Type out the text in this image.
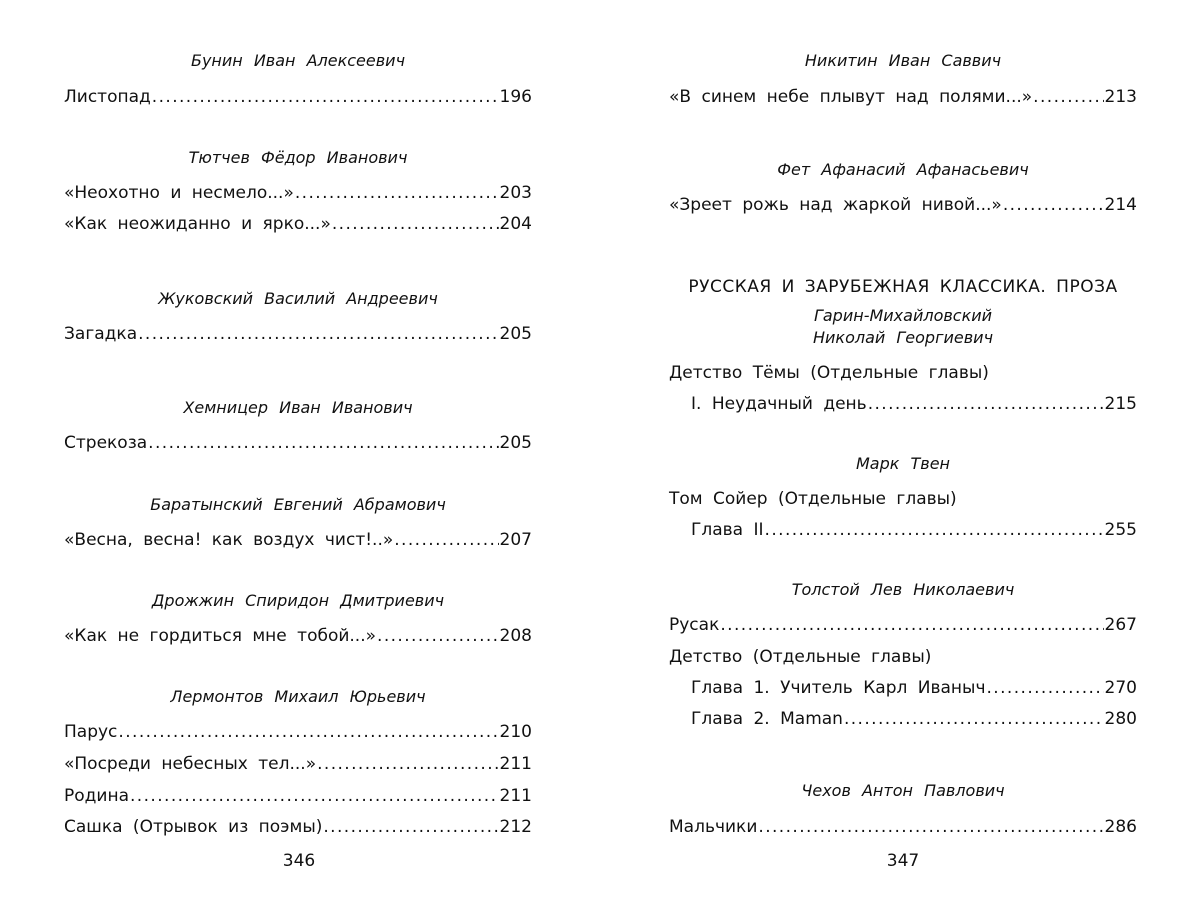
Бунин Иван Алексеевич
Листопад .....	196
Тютчев Фёдор Иванович
«Неохотно и несмело...» .....	203
«Как неожиданно и ярко...» .....	204
Жуковский Василий Андреевич
Загадка .....	205
Хемницер Иван Иванович
Стрекоза .....	205
Баратынский Евгений Абрамович
«Весна, весна! как воздух чист!..» .....	207
Дрожжин Спиридон Дмитриевич
«Как не гордиться мне тобой...» .....	208
Лермонтов Михаил Юрьевич
Парус .....	210
«Посреди небесных тел...» .....	211
Родина .....	211
Сашка (Отрывок из поэмы) .....	212
346
Никитин Иван Саввич
«В синем небе плывут над полями...» .....	213
Фет Афанасий Афанасьевич
«Зреет рожь над жаркой нивой...» .....	214
РУССКАЯ И ЗАРУБЕЖНАЯ КЛАССИКА. ПРОЗА
Гарин-Михайловский
Николай Георгиевич
Детство Тёмы (Отдельные главы)
I. Неудачный день .....	215
Марк Твен
Том Сойер (Отдельные главы)
Глава II .....	255
Толстой Лев Николаевич
Русак .....	267
Детство (Отдельные главы)
Глава 1. Учитель Карл Иваныч .....	270
Глава 2. Maman .....	280
Чехов Антон Павлович
Мальчики .....	286
347
